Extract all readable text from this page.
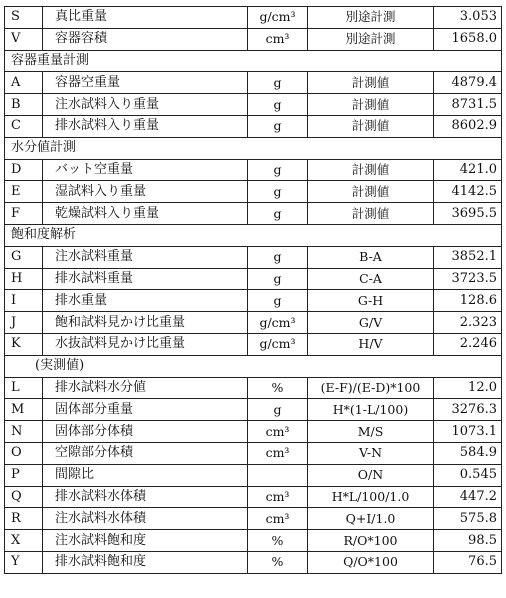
S	真比重量	g/cm³	別途計測	3.053
V	容器容積	cm³	別途計測	1658.0
容器重量計測				
A	容器空重量	g	計測値	4879.4
B	注水試料入り重量	g	計測値	8731.5
C	排水試料入り重量	g	計測値	8602.9
水分値計測				
D	バット空重量	g	計測値	421.0
E	湿試料入り重量	g	計測値	4142.5
F	乾燥試料入り重量	g	計測値	3695.5
飽和度解析				
G	注水試料重量	g	B-A	3852.1
H	排水試料重量	g	C-A	3723.5
I	排水重量	g	G-H	128.6
J	飽和試料見かけ比重量	g/cm³	G/V	2.323
K	水抜試料見かけ比重量	g/cm³	H/V	2.246
(実測値)				
L	排水試料水分値	%	(E-F)/(E-D)*100	12.0
M	固体部分重量	g	H*(1-L/100)	3276.3
N	固体部分体積	cm³	M/S	1073.1
O	空隙部分体積	cm³	V-N	584.9
P	間隙比		O/N	0.545
Q	排水試料水体積	cm³	H*L/100/1.0	447.2
R	注水試料水体積	cm³	Q+I/1.0	575.8
X	注水試料飽和度	%	R/O*100	98.5
Y	排水試料飽和度	%	Q/O*100	76.5
